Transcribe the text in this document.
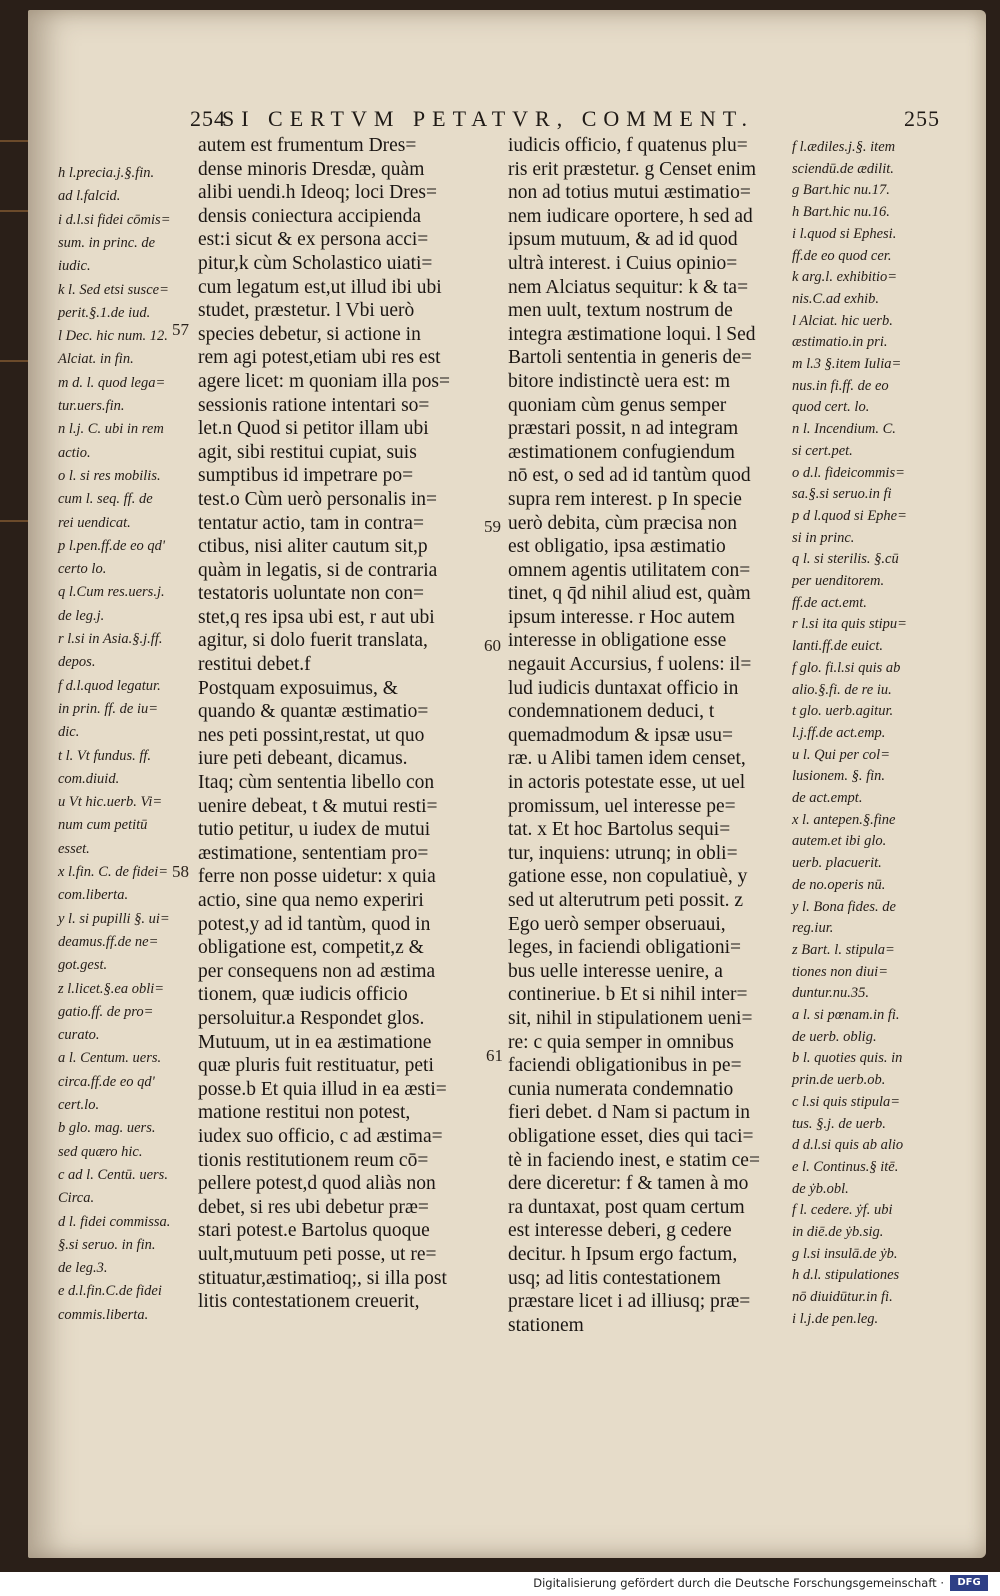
254
SI CERTVM PETATVR, COMMENT.	255
autem est frumentum Dres=
dense minoris Dresdæ, quàm
alibi uendi.h Ideoq; loci Dres=
densis coniectura accipienda
est:i sicut & ex persona acci=
pitur,k cùm Scholastico uiati=
cum legatum est,ut illud ibi ubi
studet, præstetur. l Vbi uerò
species debetur, si actione in
rem agi potest,etiam ubi res est
agere licet: m quoniam illa pos=
sessionis ratione intentari so=
let.n Quod si petitor illam ubi
agit, sibi restitui cupiat, suis
sumptibus id impetrare po=
test.o Cùm uerò personalis in=
tentatur actio, tam in contra=
ctibus, nisi aliter cautum sit,p
quàm in legatis, si de contraria
testatoris uoluntate non con=
stet,q res ipsa ubi est, r aut ubi
agitur, si dolo fuerit translata,
restitui debet.f
Postquam exposuimus, &
quando & quantæ æstimatio=
nes peti possint,restat, ut quo
iure peti debeant, dicamus.
Itaq; cùm sententia libello con
uenire debeat, t & mutui resti=
tutio petitur, u iudex de mutui
æstimatione, sententiam pro=
ferre non posse uidetur: x quia
actio, sine qua nemo experiri
potest,y ad id tantùm, quod in
obligatione est, competit,z &
per consequens non ad æstima
tionem, quæ iudicis officio
persoluitur.a Respondet glos.
Mutuum, ut in ea æstimatione
quæ pluris fuit restituatur, peti
posse.b Et quia illud in ea æsti=
matione restitui non potest,
iudex suo officio, c ad æstima=
tionis restitutionem reum cō=
pellere potest,d quod aliàs non
debet, si res ubi debetur præ=
stari potest.e Bartolus quoque
uult,mutuum peti posse, ut re=
stituatur,æstimatioq;, si illa post
litis contestationem creuerit,
iudicis officio, f quatenus plu=
ris erit præstetur. g Censet enim
non ad totius mutui æstimatio=
nem iudicare oportere, h sed ad
ipsum mutuum, & ad id quod
ultrà interest. i Cuius opinio=
nem Alciatus sequitur: k & ta=
men uult, textum nostrum de
integra æstimatione loqui. l Sed
Bartoli sententia in generis de=
bitore indistinctè uera est: m
quoniam cùm genus semper
præstari possit, n ad integram
æstimationem confugiendum
nō est, o sed ad id tantùm quod
supra rem interest. p In specie
uerò debita, cùm præcisa non
est obligatio, ipsa æstimatio
omnem agentis utilitatem con=
tinet, q q̄d nihil aliud est, quàm
ipsum interesse. r Hoc autem
interesse in obligatione esse
negauit Accursius, f uolens: il=
lud iudicis duntaxat officio in
condemnationem deduci, t
quemadmodum & ipsæ usu=
ræ. u Alibi tamen idem censet,
in actoris potestate esse, ut uel
promissum, uel interesse pe=
tat. x Et hoc Bartolus sequi=
tur, inquiens: utrunq; in obli=
gatione esse, non copulatiuè, y
sed ut alterutrum peti possit. z
Ego uerò semper obseruaui,
leges, in faciendi obligationi=
bus uelle interesse uenire, a
contineriue. b Et si nihil inter=
sit, nihil in stipulationem ueni=
re: c quia semper in omnibus
faciendi obligationibus in pe=
cunia numerata condemnatio
fieri debet. d Nam si pactum in
obligatione esset, dies qui taci=
tè in faciendo inest, e statim ce=
dere diceretur: f & tamen à mo
ra duntaxat, post quam certum
est interesse deberi, g cedere
decitur. h Ipsum ergo factum,
usq; ad litis contestationem
præstare licet i ad illiusq; præ=
stationem
h l.precia.j.§.fin.
ad l.falcid.
i d.l.si fidei cōmis=
sum. in princ. de
iudic.
k l. Sed etsi susce=
perit.§.1.de iud.
l Dec. hic num. 12.
Alciat. in fin.
m d. l. quod lega=
tur.uers.fin.
n l.j. C. ubi in rem
actio.
o l. si res mobilis.
cum l. seq. ff. de
rei uendicat.
p l.pen.ff.de eo qd'
certo lo.
q l.Cum res.uers.j.
de leg.j.
r l.si in Asia.§.j.ff.
depos.
f d.l.quod legatur.
in prin. ff. de iu=
dic.
t l. Vt fundus. ff.
com.diuid.
u Vt hic.uerb. Vi=
num cum petitū
esset.
x l.fin. C. de fidei=
com.liberta.
y l. si pupilli §. ui=
deamus.ff.de ne=
got.gest.
z l.licet.§.ea obli=
gatio.ff. de pro=
curato.
a l. Centum. uers.
circa.ff.de eo qd'
cert.lo.
b glo. mag. uers.
sed quæro hic.
c ad l. Centū. uers.
Circa.
d l. fidei commissa.
§.si seruo. in fin.
de leg.3.
e d.l.fin.C.de fidei
commis.liberta.
f l.ædiles.j.§. item
sciendū.de ædilit.
g Bart.hic nu.17.
h Bart.hic nu.16.
i l.quod si Ephesi.
ff.de eo quod cer.
k arg.l. exhibitio=
nis.C.ad exhib.
l Alciat. hic uerb.
æstimatio.in pri.
m l.3 §.item Iulia=
nus.in fi.ff. de eo
quod cert. lo.
n l. Incendium. C.
si cert.pet.
o d.l. fideicommis=
sa.§.si seruo.in fi
p d l.quod si Ephe=
si in princ.
q l. si sterilis. §.cū
per uenditorem.
ff.de act.emt.
r l.si ita quis stipu=
lanti.ff.de euict.
f glo. fi.l.si quis ab
alio.§.fi. de re iu.
t glo. uerb.agitur.
l.j.ff.de act.emp.
u l. Qui per col=
lusionem. §. fin.
de act.empt.
x l. antepen.§.fine
autem.et ibi glo.
uerb. placuerit.
de no.operis nū.
y l. Bona fides. de
reg.iur.
z Bart. l. stipula=
tiones non diui=
duntur.nu.35.
a l. si pœnam.in fi.
de uerb. oblig.
b l. quoties quis. in
prin.de uerb.ob.
c l.si quis stipula=
tus. §.j. de uerb.
d d.l.si quis ab alio
e l. Continus.§ itē.
de ẏb.obl.
f l. cedere. ẏf. ubi
in diē.de ẏb.sig.
g l.si insulā.de ẏb.
h d.l. stipulationes
nō diuidūtur.in fi.
i l.j.de pen.leg.
57
58
59
60
61
Digitalisierung gefördert durch die Deutsche Forschungsgemeinschaft ·	DFG
